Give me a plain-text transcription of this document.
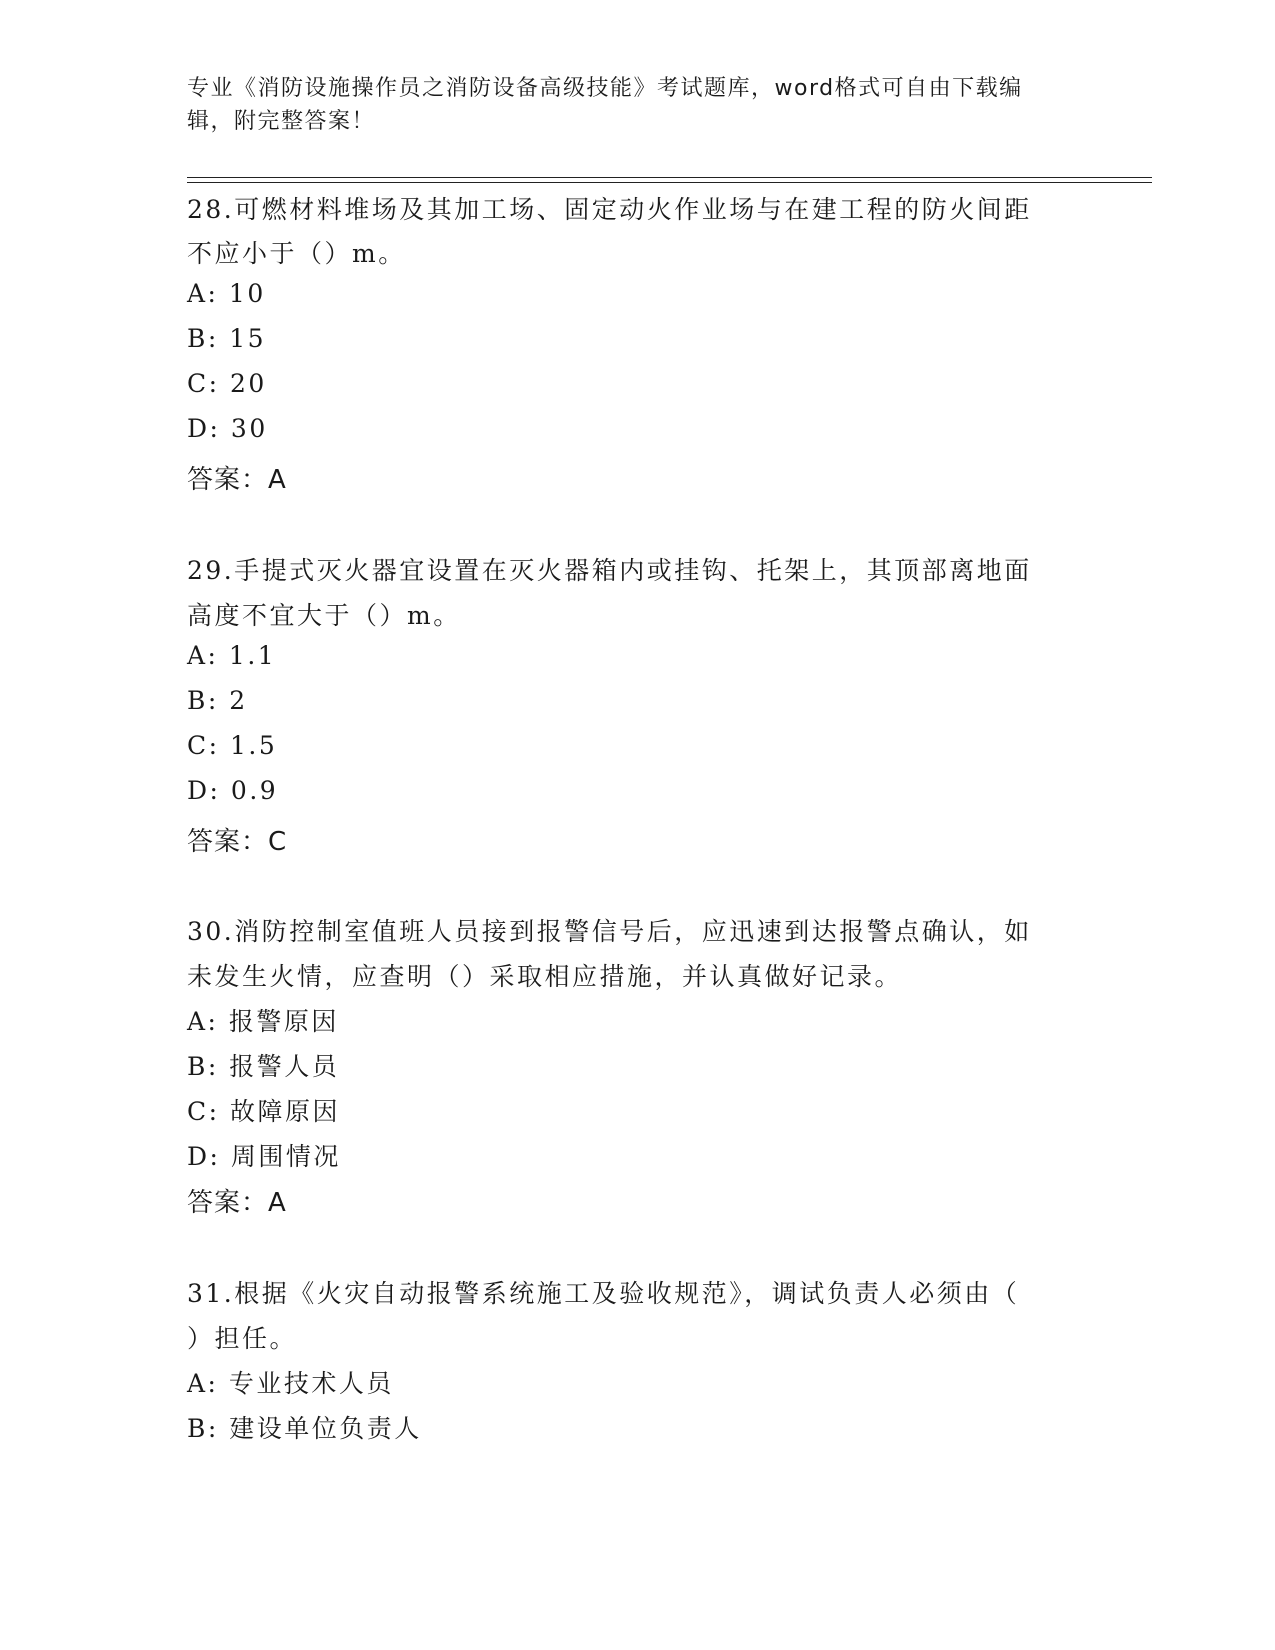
专业《消防设施操作员之消防设备高级技能》考试题库，word格式可自由下载编
辑，附完整答案！
28.可燃材料堆场及其加工场、固定动火作业场与在建工程的防火间距
不应小于（）m。
A: 10
B: 15
C: 20
D: 30
答案：A
29.手提式灭火器宜设置在灭火器箱内或挂钩、托架上，其顶部离地面
高度不宜大于（）m。
A: 1.1
B: 2
C: 1.5
D: 0.9
答案：C
30.消防控制室值班人员接到报警信号后，应迅速到达报警点确认，如
未发生火情，应查明（）采取相应措施，并认真做好记录。
A: 报警原因
B: 报警人员
C: 故障原因
D: 周围情况
答案：A
31.根据《火灾自动报警系统施工及验收规范》，调试负责人必须由（
）担任。
A: 专业技术人员
B: 建设单位负责人
